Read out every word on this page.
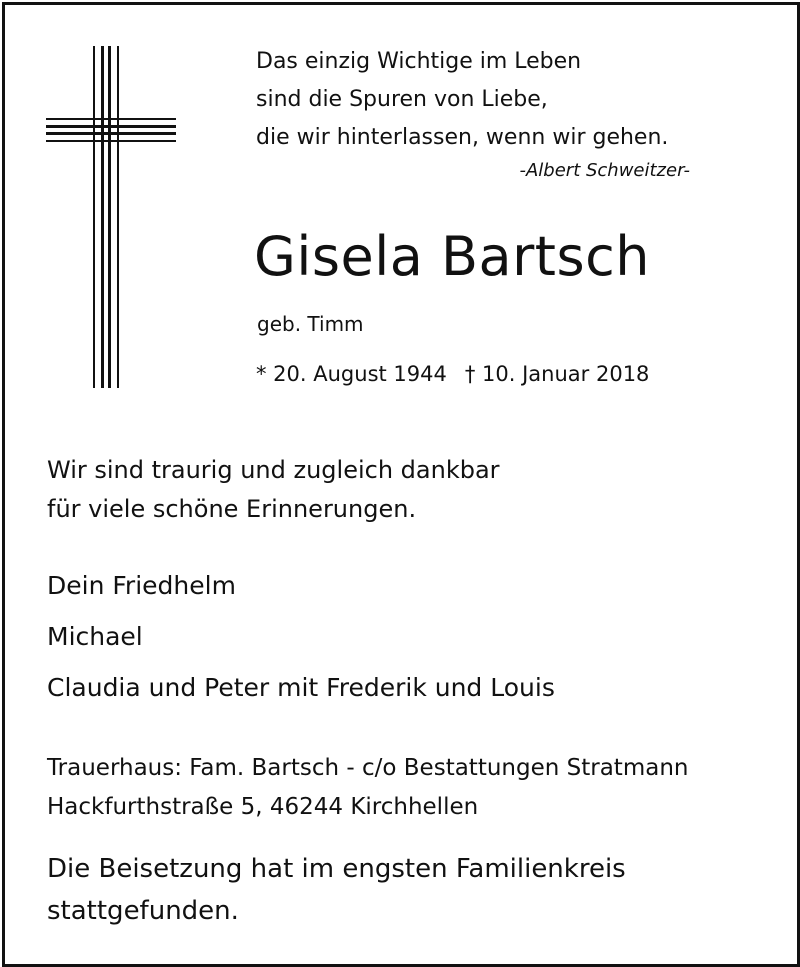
Das einzig Wichtige im Leben

sind die Spuren von Liebe,

die wir hinterlassen, wenn wir gehen.

-Albert Schweitzer-

Gisela Bartsch

geb. Timm

* 20. August 1944 † 10. Januar 2018

Wir sind traurig und zugleich dankbar

für viele schöne Erinnerungen.

Dein Friedhelm
Michael
Claudia und Peter mit Frederik und Louis

Trauerhaus: Fam. Bartsch - c/o Bestattungen Stratmann

Hackfurthstraße 5, 46244 Kirchhellen

Die Beisetzung hat im engsten Familienkreis

stattgefunden.
